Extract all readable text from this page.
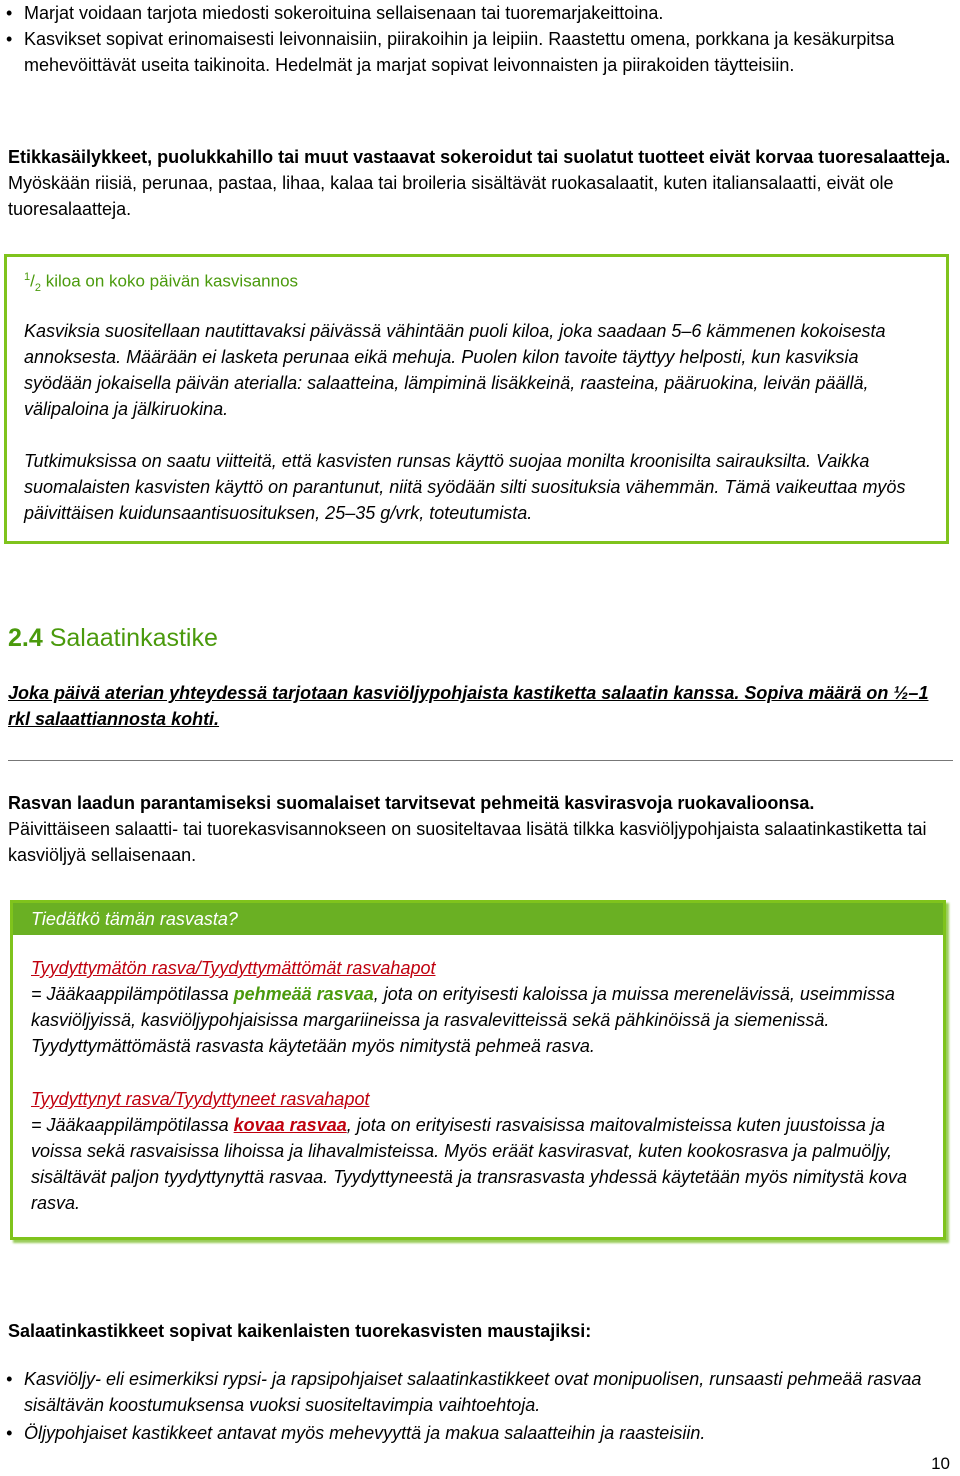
• Marjat voidaan tarjota miedosti sokeroituina sellaisenaan tai tuoremarjakeittoina.
• Kasvikset sopivat erinomaisesti leivonnaisiin, piirakoihin ja leipiin. Raastettu omena, porkkana ja kesäkurpitsa mehevöittävät useita taikinoita. Hedelmät ja marjat sopivat leivonnaisten ja piirakoiden täytteisiin.
Etikkasäilykkeet, puolukkahillo tai muut vastaavat sokeroidut tai suolatut tuotteet eivät korvaa tuoresalaatteja. Myöskään riisiä, perunaa, pastaa, lihaa, kalaa tai broileria sisältävät ruokasalaatit, kuten italiansalaatti, eivät ole tuoresalaatteja.
$^1/_2$ kiloa on koko päivän kasvisannos
Kasviksia suositellaan nautittavaksi päivässä vähintään puoli kiloa, joka saadaan 5–6 kämmenen kokoisesta annoksesta. Määrään ei lasketa perunaa eikä mehuja. Puolen kilon tavoite täyttyy helposti, kun kasviksia syödään jokaisella päivän aterialla: salaatteina, lämpiminä lisäkkeinä, raasteina, pääruokina, leivän päällä, välipaloina ja jälkiruokina.
Tutkimuksissa on saatu viitteitä, että kasvisten runsas käyttö suojaa monilta kroonisilta sairauksilta. Vaikka suomalaisten kasvisten käyttö on parantunut, niitä syödään silti suosituksia vähemmän. Tämä vaikeuttaa myös päivittäisen kuidunsaantisuosituksen, 25–35 g/vrk, toteutumista.
2.4 Salaatinkastike
Joka päivä aterian yhteydessä tarjotaan kasviöljypohjaista kastiketta salaatin kanssa. Sopiva määrä on ½–1 rkl salaattiannosta kohti.
Rasvan laadun parantamiseksi suomalaiset tarvitsevat pehmeitä kasvirasvoja ruokavalioonsa.
Päivittäiseen salaatti- tai tuorekasvisannokseen on suositeltavaa lisätä tilkka kasviöljypohjaista salaatinkastiketta tai kasviöljyä sellaisenaan.
Tiedätkö tämän rasvasta?
Tyydyttymätön rasva/Tyydyttymättömät rasvahapot
= Jääkaappilämpötilassa pehmeää rasvaa, jota on erityisesti kaloissa ja muissa merenelävissä, useimmissa kasviöljyissä, kasviöljypohjaisissa margariineissa ja rasvalevitteissä sekä pähkinöissä ja siemenissä. Tyydyttymättömästä rasvasta käytetään myös nimitystä pehmeä rasva.
Tyydyttynyt rasva/Tyydyttyneet rasvahapot
= Jääkaappilämpötilassa kovaa rasvaa, jota on erityisesti rasvaisissa maitovalmisteissa kuten juustoissa ja voissa sekä rasvaisissa lihoissa ja lihavalmisteissa. Myös eräät kasvirasvat, kuten kookosrasva ja palmuöljy, sisältävät paljon tyydyttynyttä rasvaa. Tyydyttyneestä ja transrasvasta yhdessä käytetään myös nimitystä kova rasva.
Salaatinkastikkeet sopivat kaikenlaisten tuorekasvisten maustajiksi:
• Kasviöljy- eli esimerkiksi rypsi- ja rapsipohjaiset salaatinkastikkeet ovat monipuolisen, runsaasti pehmeää rasvaa sisältävän koostumuksensa vuoksi suositeltavimpia vaihtoehtoja.
• Öljypohjaiset kastikkeet antavat myös mehevyyttä ja makua salaatteihin ja raasteisiin.
10
